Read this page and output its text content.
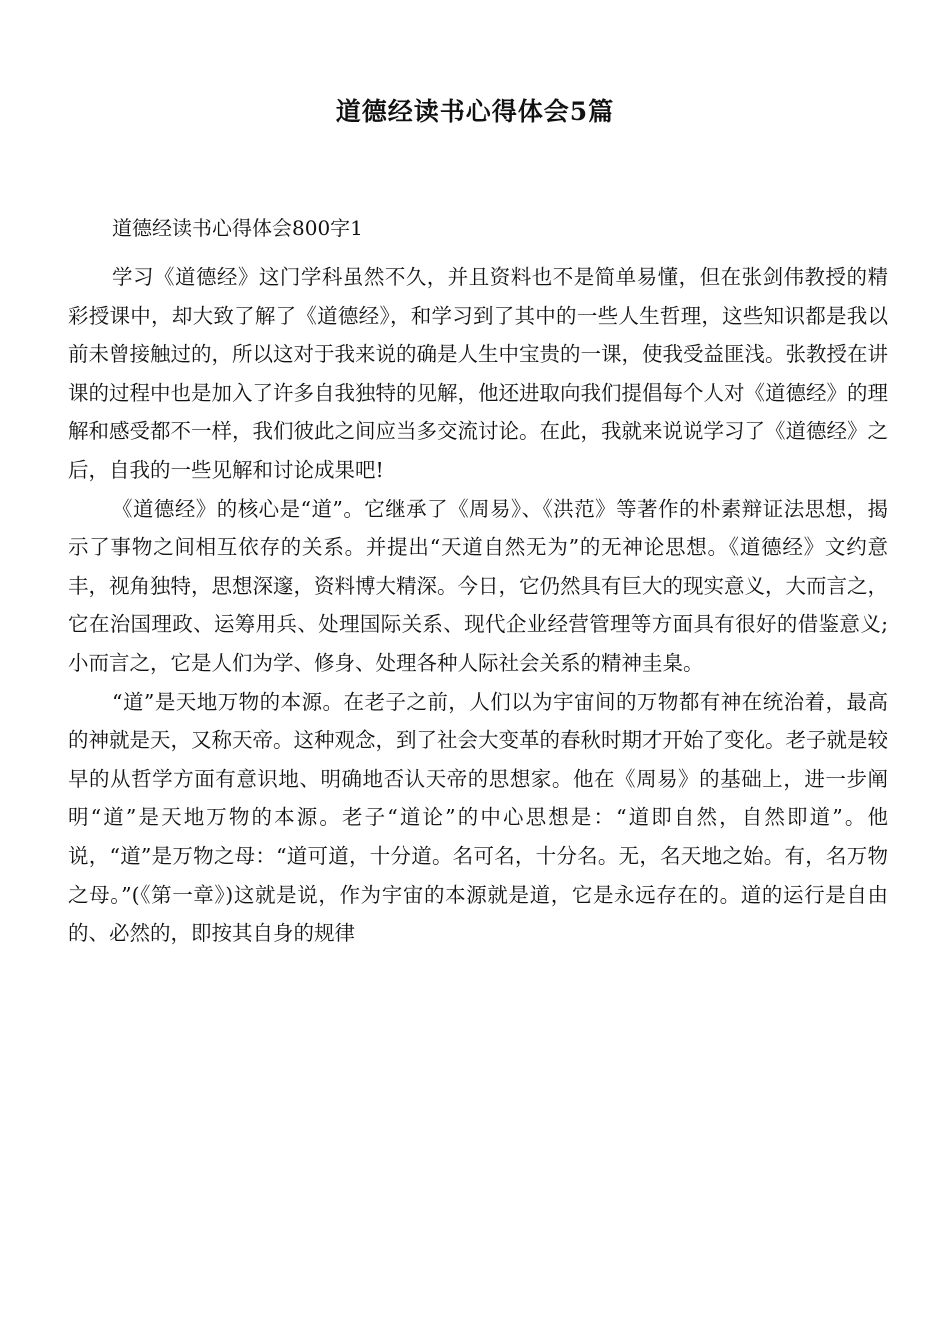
道德经读书心得体会5篇

道德经读书心得体会800字1

学习《道德经》这门学科虽然不久，并且资料也不是简单易懂，但在张剑伟教授的精彩授课中，却大致了解了《道德经》，和学习到了其中的一些人生哲理，这些知识都是我以前未曾接触过的，所以这对于我来说的确是人生中宝贵的一课，使我受益匪浅。张教授在讲课的过程中也是加入了许多自我独特的见解，他还进取向我们提倡每个人对《道德经》的理解和感受都不一样，我们彼此之间应当多交流讨论。在此，我就来说说学习了《道德经》之后，自我的一些见解和讨论成果吧!

《道德经》的核心是“道”。它继承了《周易》、《洪范》等著作的朴素辩证法思想，揭示了事物之间相互依存的关系。并提出“天道自然无为”的无神论思想。《道德经》文约意丰，视角独特，思想深邃，资料博大精深。今日，它仍然具有巨大的现实意义，大而言之，它在治国理政、运筹用兵、处理国际关系、现代企业经营管理等方面具有很好的借鉴意义;小而言之，它是人们为学、修身、处理各种人际社会关系的精神圭臬。

“道”是天地万物的本源。在老子之前，人们以为宇宙间的万物都有神在统治着，最高的神就是天，又称天帝。这种观念，到了社会大变革的春秋时期才开始了变化。老子就是较早的从哲学方面有意识地、明确地否认天帝的思想家。他在《周易》的基础上，进一步阐明“道”是天地万物的本源。老子“道论”的中心思想是：“道即自然，自然即道”。他说，“道”是万物之母：“道可道，十分道。名可名，十分名。无，名天地之始。有，名万物之母。”(《第一章》)这就是说，作为宇宙的本源就是道，它是永远存在的。道的运行是自由的、必然的，即按其自身的规律
